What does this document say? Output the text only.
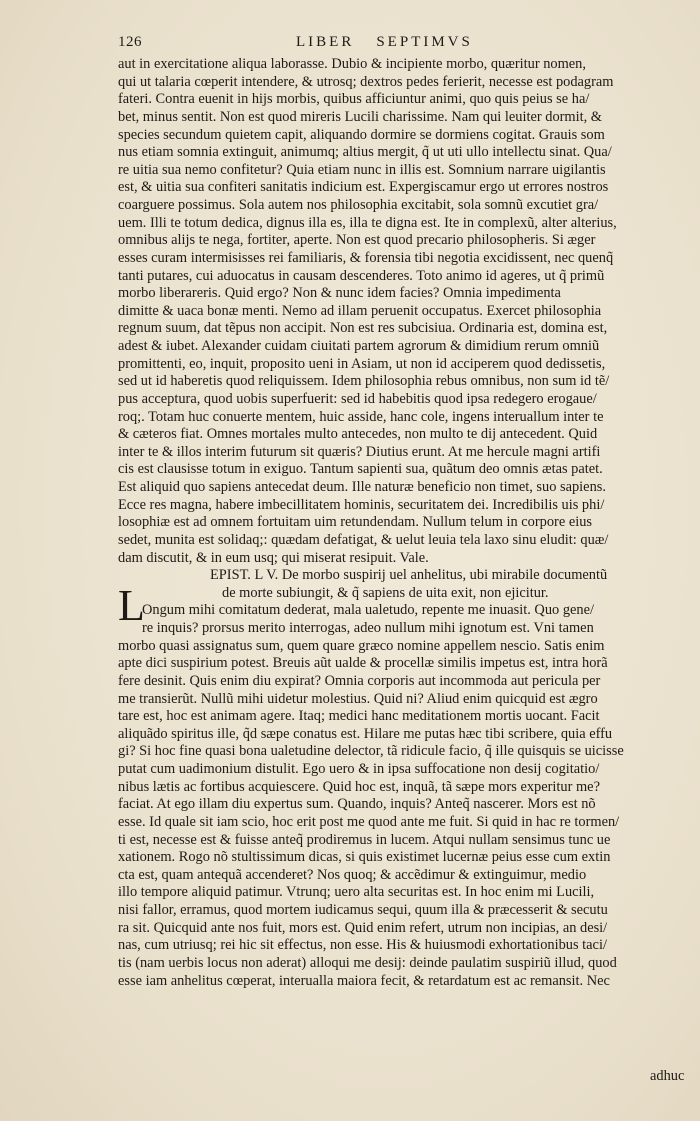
126	LIBER SEPTIMVS
aut in exercitatione aliqua laborasse. Dubio & incipiente morbo, quæritur nomen,
qui ut talaria cœperit intendere, & utrosq; dextros pedes ferierit, necesse est podagram
fateri. Contra euenit in hijs morbis, quibus afficiuntur animi, quo quis peius se ha/
bet, minus sentit. Non est quod mireris Lucili charissime. Nam qui leuiter dormit, &
species secundum quietem capit, aliquando dormire se dormiens cogitat. Grauis som
nus etiam somnia extinguit, animumq; altius mergit, q̃ ut uti ullo intellectu sinat. Qua/
re uitia sua nemo confitetur? Quia etiam nunc in illis est. Somnium narrare uigilantis
est, & uitia sua confiteri sanitatis indicium est. Expergiscamur ergo ut errores nostros
coarguere possimus. Sola autem nos philosophia excitabit, sola somnũ excutiet gra/
uem. Illi te totum dedica, dignus illa es, illa te digna est. Ite in complexũ, alter alterius,
omnibus alijs te nega, fortiter, aperte. Non est quod precario philosopheris. Si æger
esses curam intermisisses rei familiaris, & forensia tibi negotia excidissent, nec quenq̃
tanti putares, cui aduocatus in causam descenderes. Toto animo id ageres, ut q̃ primũ
morbo liberareris. Quid ergo? Non & nunc idem facies? Omnia impedimenta
dimitte & uaca bonæ menti. Nemo ad illam peruenit occupatus. Exercet philosophia
regnum suum, dat tẽpus non accipit. Non est res subcisiua. Ordinaria est, domina est,
adest & iubet. Alexander cuidam ciuitati partem agrorum & dimidium rerum omniũ
promittenti, eo, inquit, proposito ueni in Asiam, ut non id acciperem quod dedissetis,
sed ut id haberetis quod reliquissem. Idem philosophia rebus omnibus, non sum id tẽ/
pus acceptura, quod uobis superfuerit: sed id habebitis quod ipsa redegero erogaue/
roq;. Totam huc conuerte mentem, huic asside, hanc cole, ingens interuallum inter te
& cæteros fiat. Omnes mortales multo antecedes, non multo te dij antecedent. Quid
inter te & illos interim futurum sit quæris? Diutius erunt. At me hercule magni artifi
cis est clausisse totum in exiguo. Tantum sapienti sua, quãtum deo omnis ætas patet.
Est aliquid quo sapiens antecedat deum. Ille naturæ beneficio non timet, suo sapiens.
Ecce res magna, habere imbecillitatem hominis, securitatem dei. Incredibilis uis phi/
losophiæ est ad omnem fortuitam uim retundendam. Nullum telum in corpore eius
sedet, munita est solidaq;: quædam defatigat, & uelut leuia tela laxo sinu eludit: quæ/
dam discutit, & in eum usq; qui miserat resipuit. Vale.
EPIST. L V. De morbo suspirij uel anhelitus, ubi mirabile documentũ
de morte subiungit, & q̃ sapiens de uita exit, non ejicitur.
Ongum mihi comitatum dederat, mala ualetudo, repente me inuasit. Quo gene/
re inquis? prorsus merito interrogas, adeo nullum mihi ignotum est. Vni tamen
morbo quasi assignatus sum, quem quare græco nomine appellem nescio. Satis enim
apte dici suspirium potest. Breuis aũt ualde & procellæ similis impetus est, intra horã
fere desinit. Quis enim diu expirat? Omnia corporis aut incommoda aut pericula per
me transierũt. Nullũ mihi uidetur molestius. Quid ni? Aliud enim quicquid est ægro
tare est, hoc est animam agere. Itaq; medici hanc meditationem mortis uocant. Facit
aliquãdo spiritus ille, q̃d sæpe conatus est. Hilare me putas hæc tibi scribere, quia effu
gi? Si hoc fine quasi bona ualetudine delector, tã ridicule facio, q̃ ille quisquis se uicisse
putat cum uadimonium distulit. Ego uero & in ipsa suffocatione non desij cogitatio/
nibus lætis ac fortibus acquiescere. Quid hoc est, inquã, tã sæpe mors experitur me?
faciat. At ego illam diu expertus sum. Quando, inquis? Anteq̃ nascerer. Mors est nõ
esse. Id quale sit iam scio, hoc erit post me quod ante me fuit. Si quid in hac re tormen/
ti est, necesse est & fuisse anteq̃ prodiremus in lucem. Atqui nullam sensimus tunc ue
xationem. Rogo nõ stultissimum dicas, si quis existimet lucernæ peius esse cum extin
cta est, quam antequã accenderet? Nos quoq; & accẽdimur & extinguimur, medio
illo tempore aliquid patimur. Vtrunq; uero alta securitas est. In hoc enim mi Lucili,
nisi fallor, erramus, quod mortem iudicamus sequi, quum illa & præcesserit & secutu
ra sit. Quicquid ante nos fuit, mors est. Quid enim refert, utrum non incipias, an desi/
nas, cum utriusq; rei hic sit effectus, non esse. His & huiusmodi exhortationibus taci/
tis (nam uerbis locus non aderat) alloqui me desij: deinde paulatim suspiriũ illud, quod
esse iam anhelitus cœperat, interualla maiora fecit, & retardatum est ac remansit. Nec
L
adhuc
